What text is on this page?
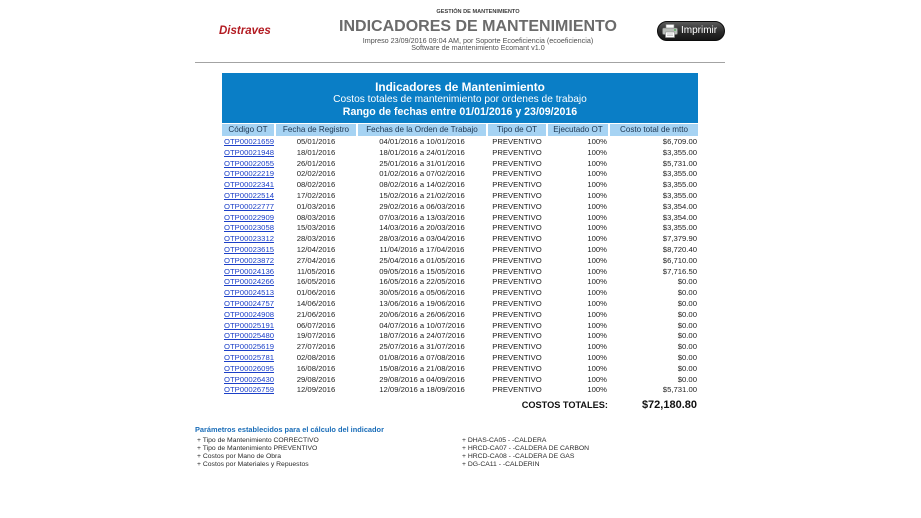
Distraves
GESTIÓN DE MANTENIMIENTO
INDICADORES DE MANTENIMIENTO
Impreso 23/09/2016 09:04 AM, por Soporte Ecoeficiencia (ecoeficiencia)
Software de mantenimiento Ecomant v1.0
Imprimir
Indicadores de Mantenimiento
Costos totales de mantenimiento por ordenes de trabajo
Rango de fechas entre 01/01/2016 y 23/09/2016
Código OT	Fecha de Registro	Fechas de la Orden de Trabajo	Tipo de OT	Ejecutado OT	Costo total de mtto
OTP00021659	05/01/2016	04/01/2016 a 10/01/2016	PREVENTIVO	100%	$6,709.00
OTP00021948	18/01/2016	18/01/2016 a 24/01/2016	PREVENTIVO	100%	$3,355.00
OTP00022055	26/01/2016	25/01/2016 a 31/01/2016	PREVENTIVO	100%	$5,731.00
OTP00022219	02/02/2016	01/02/2016 a 07/02/2016	PREVENTIVO	100%	$3,355.00
OTP00022341	08/02/2016	08/02/2016 a 14/02/2016	PREVENTIVO	100%	$3,355.00
OTP00022514	17/02/2016	15/02/2016 a 21/02/2016	PREVENTIVO	100%	$3,355.00
OTP00022777	01/03/2016	29/02/2016 a 06/03/2016	PREVENTIVO	100%	$3,354.00
OTP00022909	08/03/2016	07/03/2016 a 13/03/2016	PREVENTIVO	100%	$3,354.00
OTP00023058	15/03/2016	14/03/2016 a 20/03/2016	PREVENTIVO	100%	$3,355.00
OTP00023312	28/03/2016	28/03/2016 a 03/04/2016	PREVENTIVO	100%	$7,379.90
OTP00023615	12/04/2016	11/04/2016 a 17/04/2016	PREVENTIVO	100%	$8,720.40
OTP00023872	27/04/2016	25/04/2016 a 01/05/2016	PREVENTIVO	100%	$6,710.00
OTP00024136	11/05/2016	09/05/2016 a 15/05/2016	PREVENTIVO	100%	$7,716.50
OTP00024266	16/05/2016	16/05/2016 a 22/05/2016	PREVENTIVO	100%	$0.00
OTP00024513	01/06/2016	30/05/2016 a 05/06/2016	PREVENTIVO	100%	$0.00
OTP00024757	14/06/2016	13/06/2016 a 19/06/2016	PREVENTIVO	100%	$0.00
OTP00024908	21/06/2016	20/06/2016 a 26/06/2016	PREVENTIVO	100%	$0.00
OTP00025191	06/07/2016	04/07/2016 a 10/07/2016	PREVENTIVO	100%	$0.00
OTP00025480	19/07/2016	18/07/2016 a 24/07/2016	PREVENTIVO	100%	$0.00
OTP00025619	27/07/2016	25/07/2016 a 31/07/2016	PREVENTIVO	100%	$0.00
OTP00025781	02/08/2016	01/08/2016 a 07/08/2016	PREVENTIVO	100%	$0.00
OTP00026095	16/08/2016	15/08/2016 a 21/08/2016	PREVENTIVO	100%	$0.00
OTP00026430	29/08/2016	29/08/2016 a 04/09/2016	PREVENTIVO	100%	$0.00
OTP00026759	12/09/2016	12/09/2016 a 18/09/2016	PREVENTIVO	100%	$5,731.00
COSTOS TOTALES:	$72,180.80
Parámetros establecidos para el cálculo del indicador
+ Tipo de Mantenimiento CORRECTIVO
+ Tipo de Mantenimiento PREVENTIVO
+ Costos por Mano de Obra
+ Costos por Materiales y Repuestos
+ DHAS-CA05 - -CALDERA
+ HRCD-CA07 - -CALDERA DE CARBON
+ HRCD-CA08 - -CALDERA DE GAS
+ DG-CA11 - -CALDERIN
